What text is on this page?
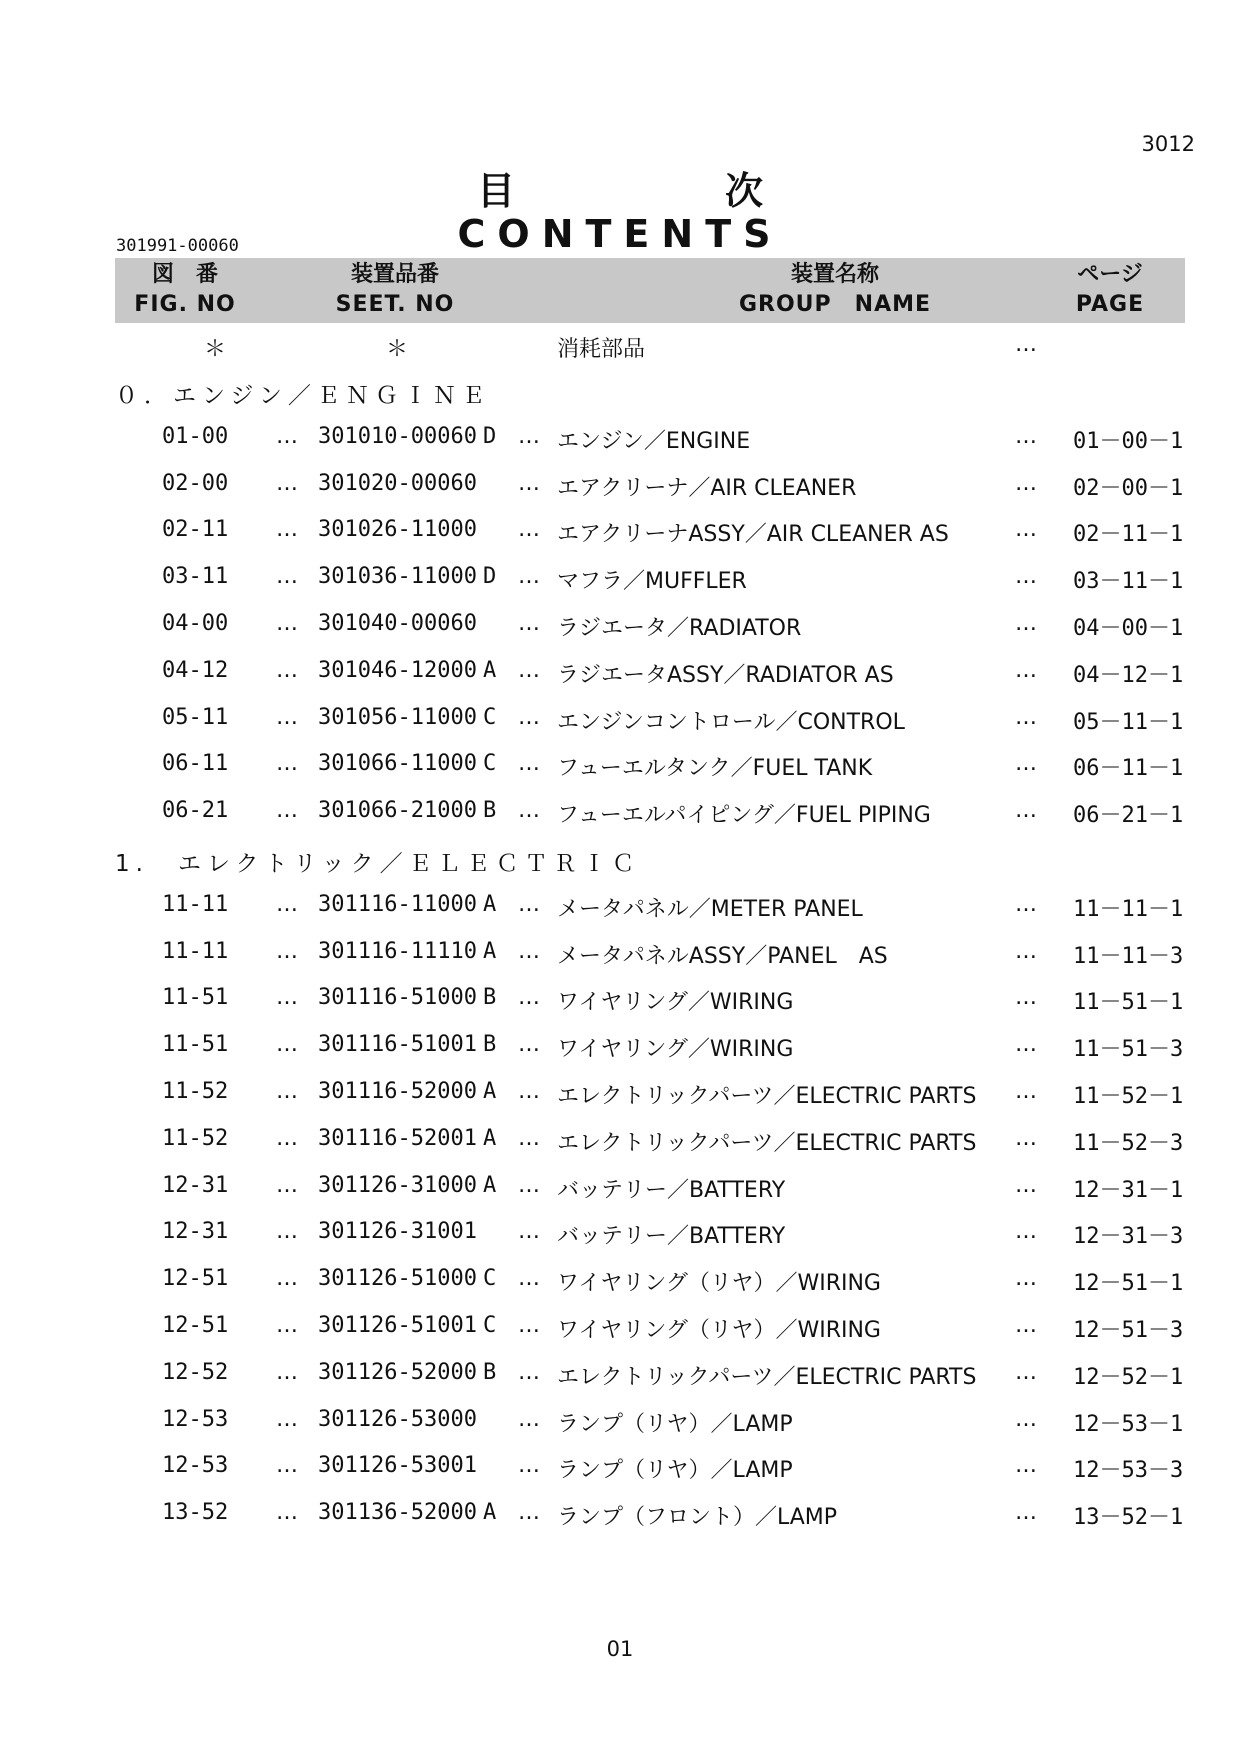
3012
目	次
CONTENTS
301991-00060
図　番
FIG. NO
装置品番
SEET. NO
装置名称
GROUP　NAME
ページ
PAGE
＊	＊	消耗部品	…
０．エンジン／ＥＮＧＩＮＥ
01-00 … 301010-00060 D … エンジン／ENGINE	… 01－00－1
02-00 … 301020-00060 … エアクリーナ／AIR CLEANER	… 02－00－1
02-11 … 301026-11000 … エアクリーナASSY／AIR CLEANER AS	… 02－11－1
03-11 … 301036-11000 D … マフラ／MUFFLER	… 03－11－1
04-00 … 301040-00060 … ラジエータ／RADIATOR	… 04－00－1
04-12 … 301046-12000 A … ラジエータASSY／RADIATOR AS	… 04－12－1
05-11 … 301056-11000 C … エンジンコントロール／CONTROL	… 05－11－1
06-11 … 301066-11000 C … フューエルタンク／FUEL TANK	… 06－11－1
06-21 … 301066-21000 B … フューエルパイピング／FUEL PIPING	… 06－21－1
1.　エレクトリック／ＥＬＥＣＴＲＩＣ
11-11 … 301116-11000 A … メータパネル／METER PANEL	… 11－11－1
11-11 … 301116-11110 A … メータパネルASSY／PANEL　AS	… 11－11－3
11-51 … 301116-51000 B … ワイヤリング／WIRING	… 11－51－1
11-51 … 301116-51001 B … ワイヤリング／WIRING	… 11－51－3
11-52 … 301116-52000 A … エレクトリックパーツ／ELECTRIC PARTS … 11－52－1
11-52 … 301116-52001 A … エレクトリックパーツ／ELECTRIC PARTS … 11－52－3
12-31 … 301126-31000 A … バッテリー／BATTERY	… 12－31－1
12-31 … 301126-31001 … バッテリー／BATTERY	… 12－31－3
12-51 … 301126-51000 C … ワイヤリング（リヤ）／WIRING	… 12－51－1
12-51 … 301126-51001 C … ワイヤリング（リヤ）／WIRING	… 12－51－3
12-52 … 301126-52000 B … エレクトリックパーツ／ELECTRIC PARTS … 12－52－1
12-53 … 301126-53000 … ランプ（リヤ）／LAMP	… 12－53－1
12-53 … 301126-53001 … ランプ（リヤ）／LAMP	… 12－53－3
13-52 … 301136-52000 A … ランプ（フロント）／LAMP	… 13－52－1
01
